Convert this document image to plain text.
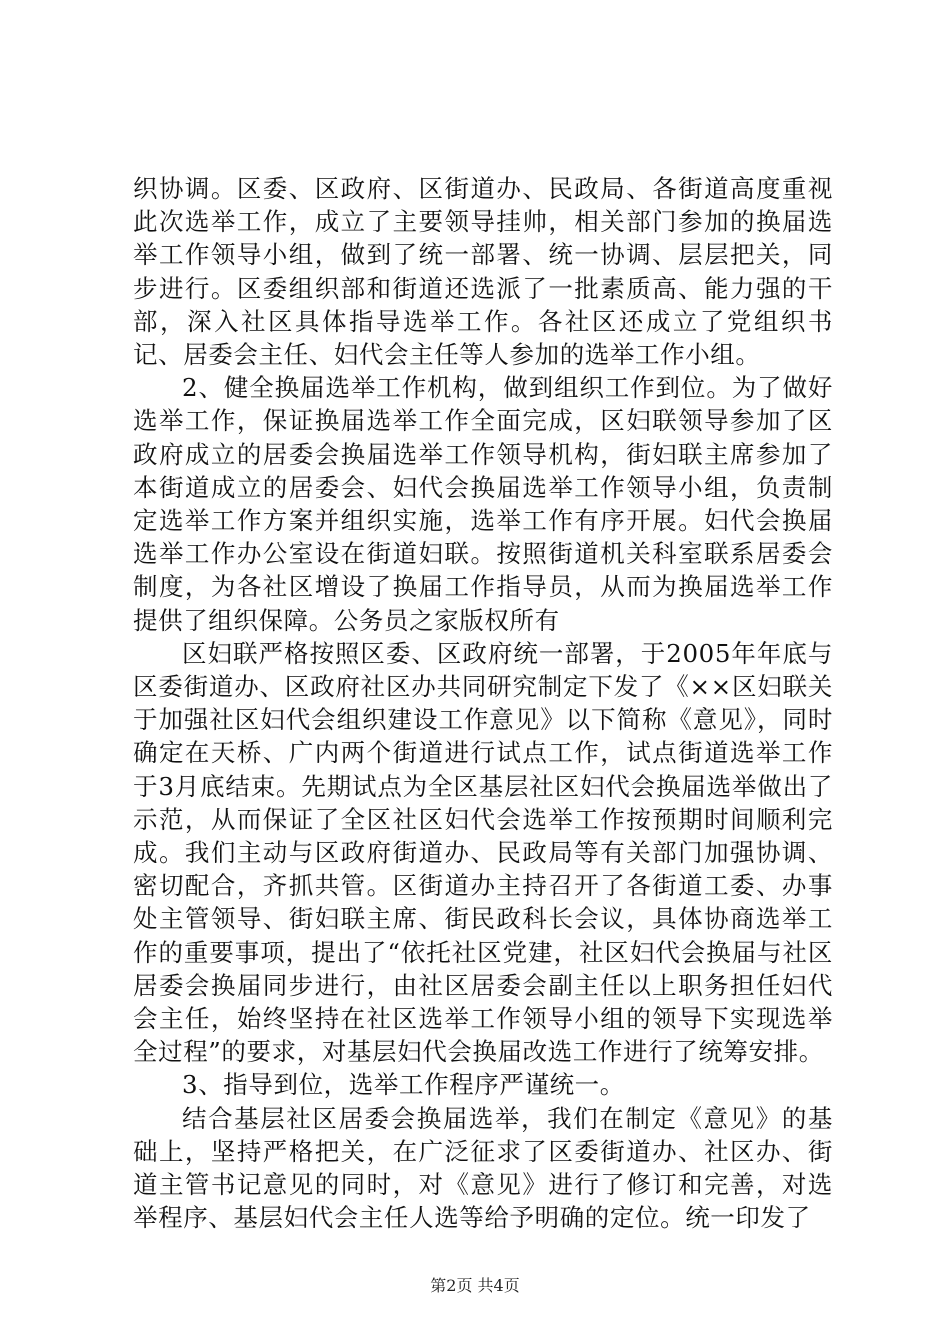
织协调。区委、区政府、区街道办、民政局、各街道高度重视此次选举工作，成立了主要领导挂帅，相关部门参加的换届选举工作领导小组，做到了统一部署、统一协调、层层把关，同步进行。区委组织部和街道还选派了一批素质高、能力强的干部，深入社区具体指导选举工作。各社区还成立了党组织书记、居委会主任、妇代会主任等人参加的选举工作小组。

2、健全换届选举工作机构，做到组织工作到位。为了做好选举工作，保证换届选举工作全面完成，区妇联领导参加了区政府成立的居委会换届选举工作领导机构，街妇联主席参加了本街道成立的居委会、妇代会换届选举工作领导小组，负责制定选举工作方案并组织实施，选举工作有序开展。妇代会换届选举工作办公室设在街道妇联。按照街道机关科室联系居委会制度，为各社区增设了换届工作指导员，从而为换届选举工作提供了组织保障。公务员之家版权所有

区妇联严格按照区委、区政府统一部署，于2005年年底与区委街道办、区政府社区办共同研究制定下发了《××区妇联关于加强社区妇代会组织建设工作意见》以下简称《意见》，同时确定在天桥、广内两个街道进行试点工作，试点街道选举工作于3月底结束。先期试点为全区基层社区妇代会换届选举做出了示范，从而保证了全区社区妇代会选举工作按预期时间顺利完成。我们主动与区政府街道办、民政局等有关部门加强协调、密切配合，齐抓共管。区街道办主持召开了各街道工委、办事处主管领导、街妇联主席、街民政科长会议，具体协商选举工作的重要事项，提出了“依托社区党建，社区妇代会换届与社区居委会换届同步进行，由社区居委会副主任以上职务担任妇代会主任，始终坚持在社区选举工作领导小组的领导下实现选举全过程”的要求，对基层妇代会换届改选工作进行了统筹安排。

3、指导到位，选举工作程序严谨统一。

结合基层社区居委会换届选举，我们在制定《意见》的基础上，坚持严格把关，在广泛征求了区委街道办、社区办、街道主管书记意见的同时，对《意见》进行了修订和完善，对选举程序、基层妇代会主任人选等给予明确的定位。统一印发了

第2页 共4页
